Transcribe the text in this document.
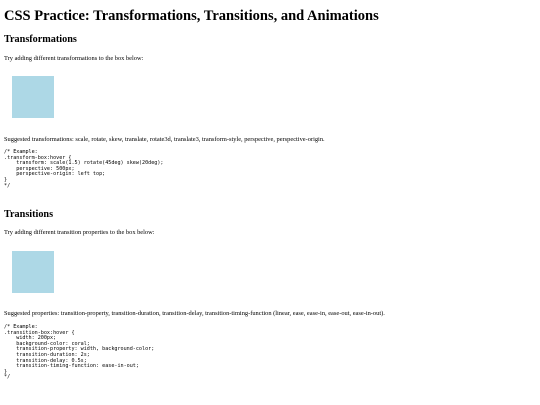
CSS Practice: Transformations, Transitions, and Animations
Transformations

Try adding different transformations to the box below:

Suggested transformations: scale, rotate, skew, translate, rotate3d, translate3, transform-style, perspective, perspective-origin.

/* Example:
.transform-box:hover {
transform: scale(1.5) rotate(45deg) skew(20deg);
perspective: 500px;
perspective-origin: left top;
}
*/
Transitions

Try adding different transition properties to the box below:

Suggested properties: transition-property, transition-duration, transition-delay, transition-timing-function (linear, ease, ease-in, ease-out, ease-in-out).

/* Example:
.transition-box:hover {
width: 200px;
background-color: coral;
transition-property: width, background-color;
transition-duration: 2s;
transition-delay: 0.5s;
transition-timing-function: ease-in-out;
}
*/
